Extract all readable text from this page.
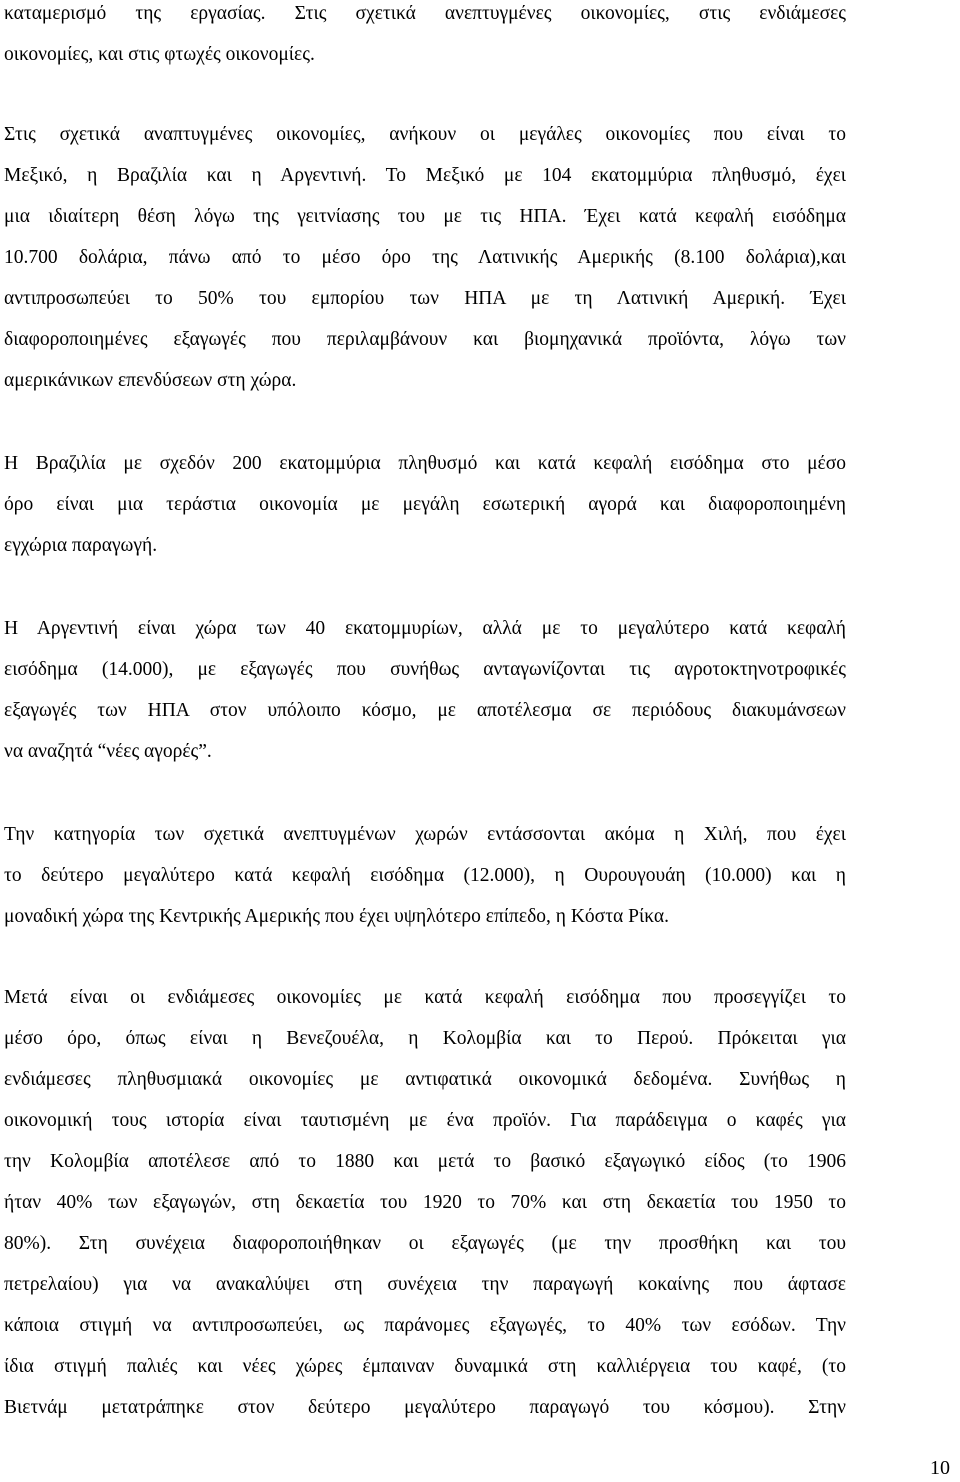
καταμερισμό της εργασίας. Στις σχετικά ανεπτυγμένες οικονομίες, στις ενδιάμεσες
οικονομίες, και στις φτωχές οικονομίες.
Στις σχετικά αναπτυγμένες οικονομίες, ανήκουν οι μεγάλες οικονομίες που είναι το
Μεξικό, η Βραζιλία και η Αργεντινή. Το Μεξικό με 104 εκατομμύρια πληθυσμό, έχει
μια ιδιαίτερη θέση λόγω της γειτνίασης του με τις ΗΠΑ. Έχει κατά κεφαλή εισόδημα
10.700 δολάρια, πάνω από το μέσο όρο της Λατινικής Αμερικής (8.100 δολάρια),και
αντιπροσωπεύει το 50% του εμπορίου των ΗΠΑ με τη Λατινική Αμερική. Έχει
διαφοροποιημένες εξαγωγές που περιλαμβάνουν και βιομηχανικά προϊόντα, λόγω των
αμερικάνικων επενδύσεων στη χώρα.
Η Βραζιλία με σχεδόν 200 εκατομμύρια πληθυσμό και κατά κεφαλή εισόδημα στο μέσο
όρο είναι μια τεράστια οικονομία με μεγάλη εσωτερική αγορά και διαφοροποιημένη
εγχώρια παραγωγή.
Η Αργεντινή είναι χώρα των 40 εκατομμυρίων, αλλά με το μεγαλύτερο κατά κεφαλή
εισόδημα (14.000), με εξαγωγές που συνήθως ανταγωνίζονται τις αγροτοκτηνοτροφικές
εξαγωγές των ΗΠΑ στον υπόλοιπο κόσμο, με αποτέλεσμα σε περιόδους διακυμάνσεων
να αναζητά “νέες αγορές”.
Την κατηγορία των σχετικά ανεπτυγμένων χωρών εντάσσονται ακόμα η Χιλή, που έχει
το δεύτερο μεγαλύτερο κατά κεφαλή εισόδημα (12.000), η Ουρουγουάη (10.000) και η
μοναδική χώρα της Κεντρικής Αμερικής που έχει υψηλότερο επίπεδο, η Κόστα Ρίκα.
Μετά είναι οι ενδιάμεσες οικονομίες με κατά κεφαλή εισόδημα που προσεγγίζει το
μέσο όρο, όπως είναι η Βενεζουέλα, η Κολομβία και το Περού. Πρόκειται για
ενδιάμεσες πληθυσμιακά οικονομίες με αντιφατικά οικονομικά δεδομένα. Συνήθως η
οικονομική τους ιστορία είναι ταυτισμένη με ένα προϊόν. Για παράδειγμα ο καφές για
την Κολομβία αποτέλεσε από το 1880 και μετά το βασικό εξαγωγικό είδος (το 1906
ήταν 40% των εξαγωγών, στη δεκαετία του 1920 το 70% και στη δεκαετία του 1950 το
80%). Στη συνέχεια διαφοροποιήθηκαν οι εξαγωγές (με την προσθήκη και του
πετρελαίου) για να ανακαλύψει στη συνέχεια την παραγωγή κοκαίνης που άφτασε
κάποια στιγμή να αντιπροσωπεύει, ως παράνομες εξαγωγές, το 40% των εσόδων. Την
ίδια στιγμή παλιές και νέες χώρες έμπαιναν δυναμικά στη καλλιέργεια του καφέ, (το
Βιετνάμ μετατράπηκε στον δεύτερο μεγαλύτερο παραγωγό του κόσμου). Στην
10
